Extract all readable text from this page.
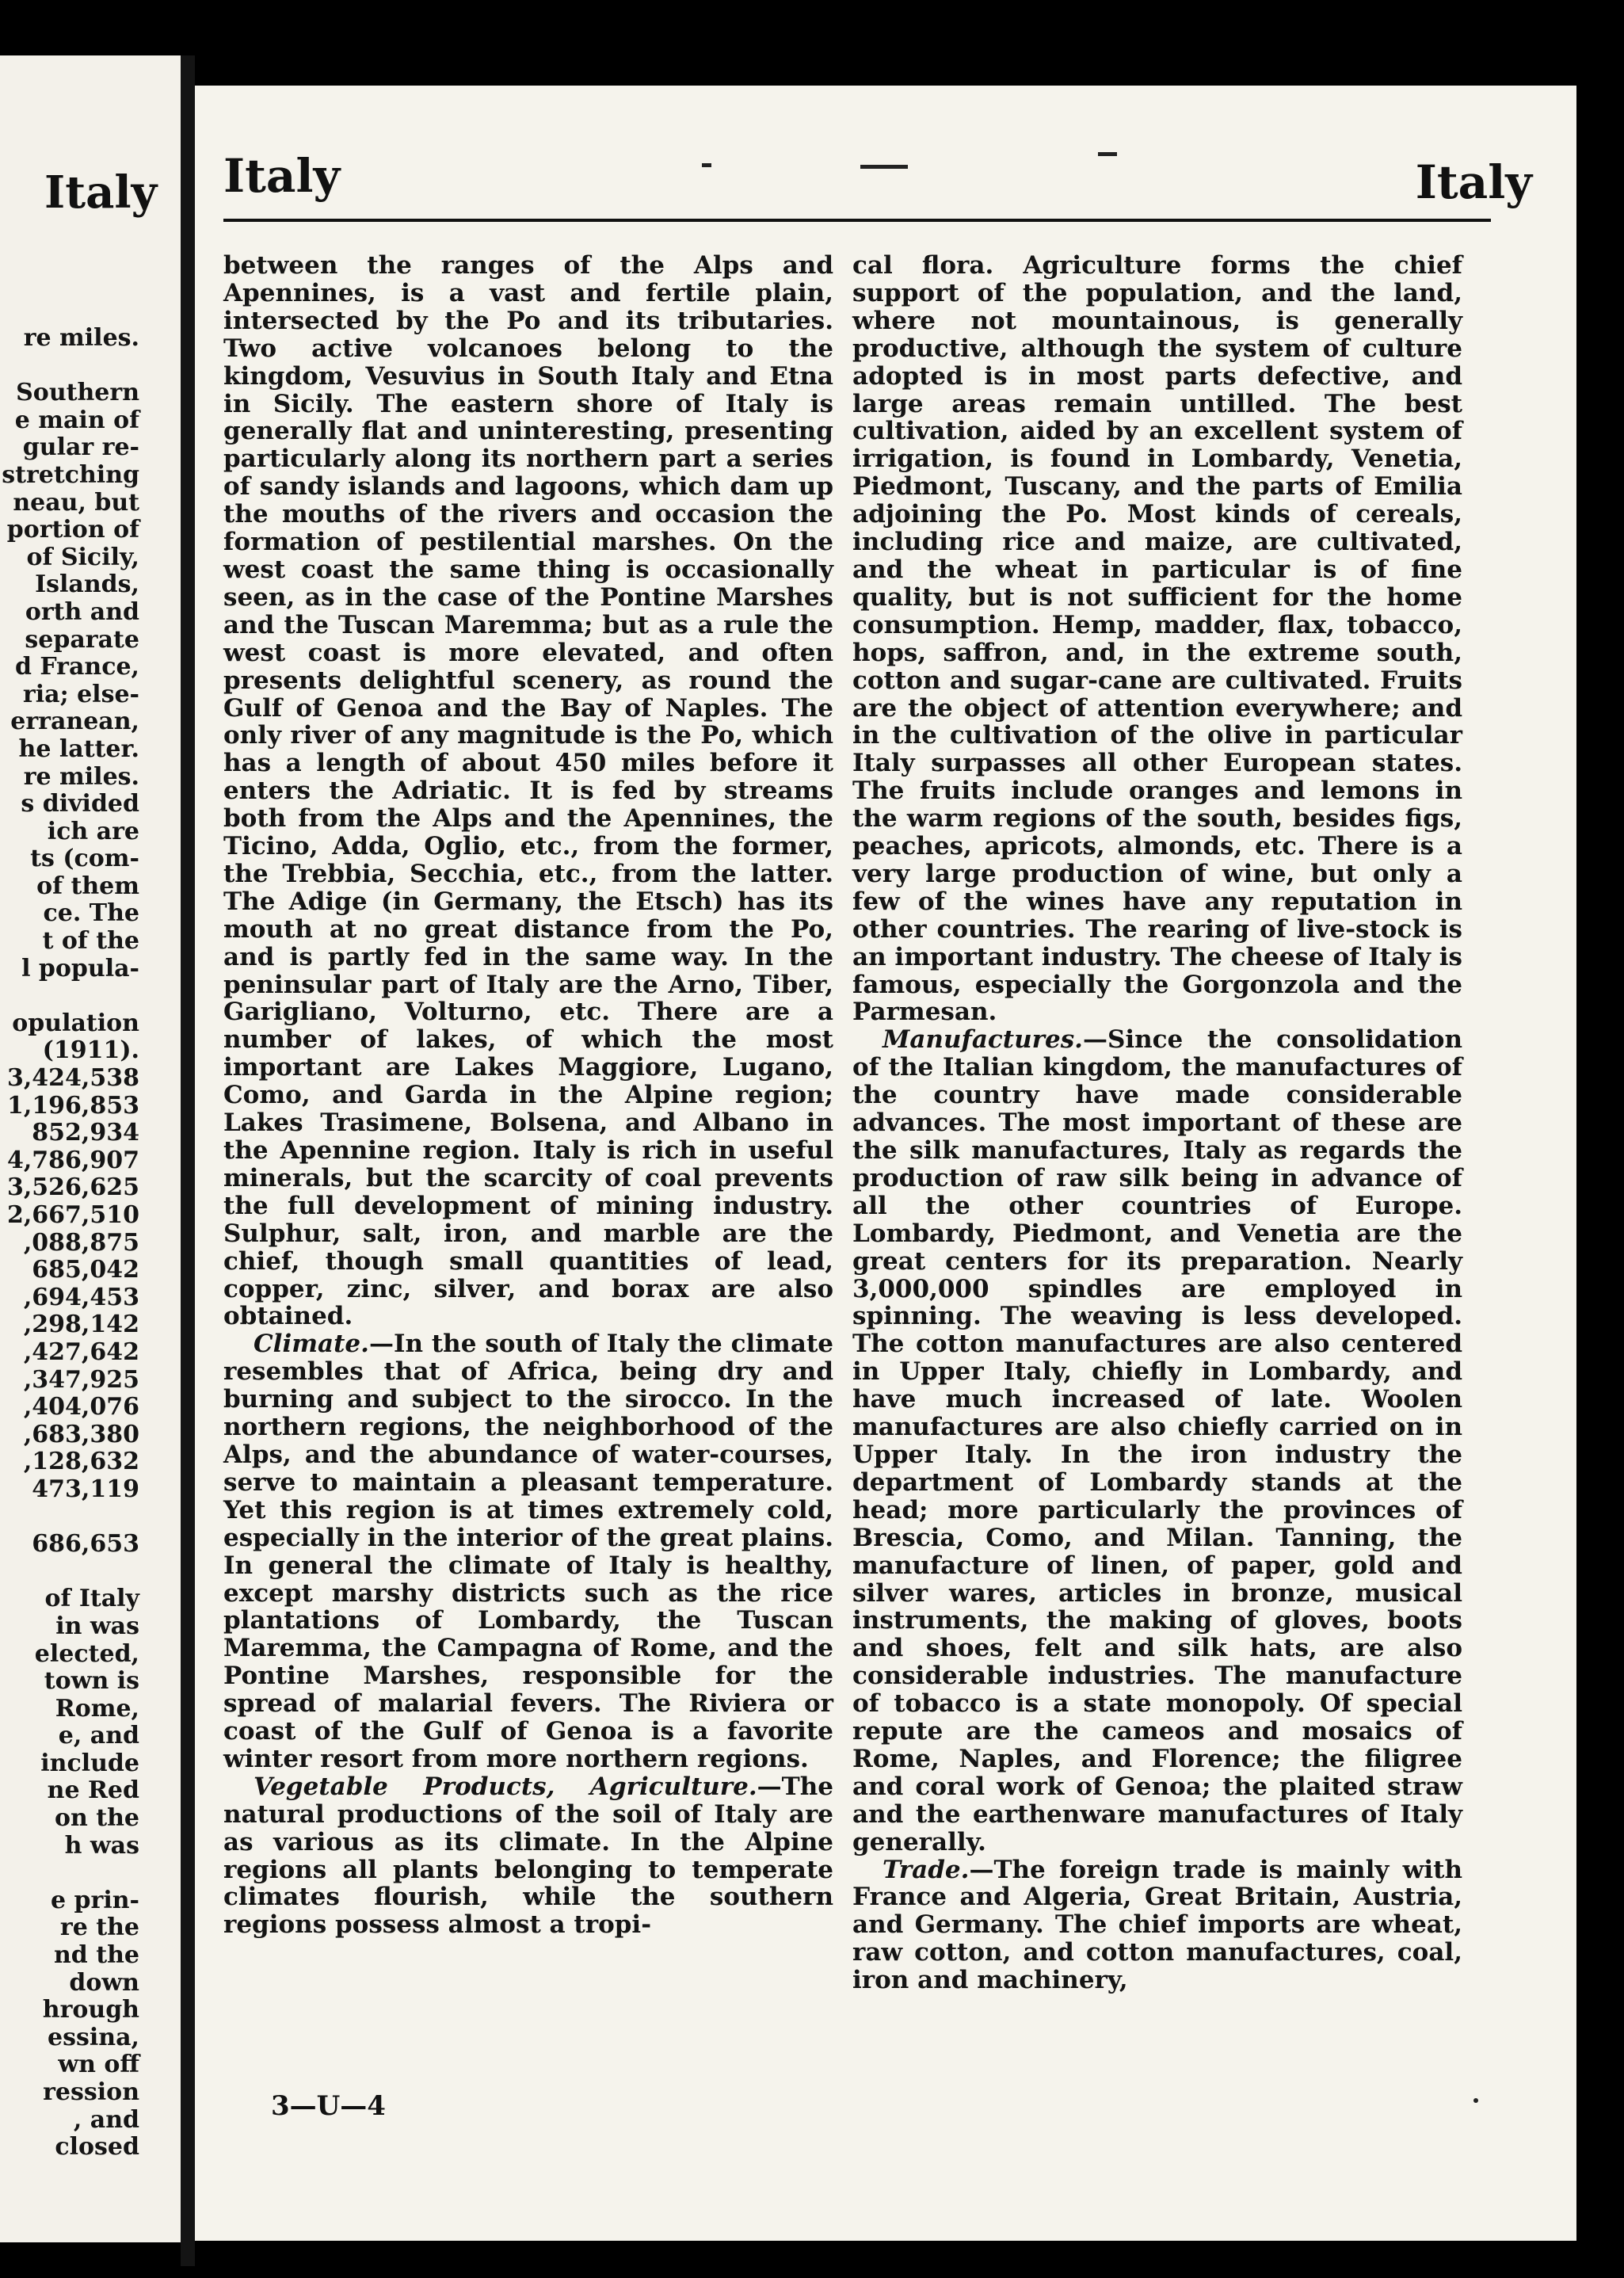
Italy
re miles.
Southern
e main of
gular re-
stretching
neau, but
portion of
of Sicily,
Islands,
orth and
separate
d France,
ria; else-
erranean,
he latter.
re miles.
s divided
ich are
ts (com-
of them
ce. The
t of the
l popula-
opulation
(1911).
3,424,538
1,196,853
852,934
4,786,907
3,526,625
2,667,510
,088,875
685,042
,694,453
,298,142
,427,642
,347,925
,404,076
,683,380
,128,632
473,119
686,653
of Italy
in was
elected,
town is
Rome,
e, and
include
ne Red
on the
h was
e prin-
re the
nd the
down
hrough
essina,
wn off
ression
, and
closed
Italy	Italy

between the ranges of the Alps and Apennines, is a vast and fertile plain, intersected by the Po and its tributaries. Two active volcanoes belong to the kingdom, Vesuvius in South Italy and Etna in Sicily. The eastern shore of Italy is generally flat and uninteresting, presenting particularly along its northern part a series of sandy islands and lagoons, which dam up the mouths of the rivers and occasion the formation of pestilential marshes. On the west coast the same thing is occasionally seen, as in the case of the Pontine Marshes and the Tuscan Maremma; but as a rule the west coast is more elevated, and often presents delightful scenery, as round the Gulf of Genoa and the Bay of Naples. The only river of any magnitude is the Po, which has a length of about 450 miles before it enters the Adriatic. It is fed by streams both from the Alps and the Apennines, the Ticino, Adda, Oglio, etc., from the former, the Trebbia, Secchia, etc., from the latter. The Adige (in Germany, the Etsch) has its mouth at no great distance from the Po, and is partly fed in the same way. In the peninsular part of Italy are the Arno, Tiber, Garigliano, Volturno, etc. There are a number of lakes, of which the most important are Lakes Maggiore, Lugano, Como, and Garda in the Alpine region; Lakes Trasimene, Bolsena, and Albano in the Apennine region. Italy is rich in useful minerals, but the scarcity of coal prevents the full development of mining industry. Sulphur, salt, iron, and marble are the chief, though small quantities of lead, copper, zinc, silver, and borax are also obtained.

Climate.—In the south of Italy the climate resembles that of Africa, being dry and burning and subject to the sirocco. In the northern regions, the neighborhood of the Alps, and the abundance of water-courses, serve to maintain a pleasant temperature. Yet this region is at times extremely cold, especially in the interior of the great plains. In general the climate of Italy is healthy, except marshy districts such as the rice plantations of Lombardy, the Tuscan Maremma, the Campagna of Rome, and the Pontine Marshes, responsible for the spread of malarial fevers. The Riviera or coast of the Gulf of Genoa is a favorite winter resort from more northern regions.

Vegetable Products, Agriculture.—The natural productions of the soil of Italy are as various as its climate. In the Alpine regions all plants belonging to temperate climates flourish, while the southern regions possess almost a tropi-

cal flora. Agriculture forms the chief support of the population, and the land, where not mountainous, is generally productive, although the system of culture adopted is in most parts defective, and large areas remain untilled. The best cultivation, aided by an excellent system of irrigation, is found in Lombardy, Venetia, Piedmont, Tuscany, and the parts of Emilia adjoining the Po. Most kinds of cereals, including rice and maize, are cultivated, and the wheat in particular is of fine quality, but is not sufficient for the home consumption. Hemp, madder, flax, tobacco, hops, saffron, and, in the extreme south, cotton and sugar-cane are cultivated. Fruits are the object of attention everywhere; and in the cultivation of the olive in particular Italy surpasses all other European states. The fruits include oranges and lemons in the warm regions of the south, besides figs, peaches, apricots, almonds, etc. There is a very large production of wine, but only a few of the wines have any reputation in other countries. The rearing of live-stock is an important industry. The cheese of Italy is famous, especially the Gorgonzola and the Parmesan.

Manufactures.—Since the consolidation of the Italian kingdom, the manufactures of the country have made considerable advances. The most important of these are the silk manufactures, Italy as regards the production of raw silk being in advance of all the other countries of Europe. Lombardy, Piedmont, and Venetia are the great centers for its preparation. Nearly 3,000,000 spindles are employed in spinning. The weaving is less developed. The cotton manufactures are also centered in Upper Italy, chiefly in Lombardy, and have much increased of late. Woolen manufactures are also chiefly carried on in Upper Italy. In the iron industry the department of Lombardy stands at the head; more particularly the provinces of Brescia, Como, and Milan. Tanning, the manufacture of linen, of paper, gold and silver wares, articles in bronze, musical instruments, the making of gloves, boots and shoes, felt and silk hats, are also considerable industries. The manufacture of tobacco is a state monopoly. Of special repute are the cameos and mosaics of Rome, Naples, and Florence; the filigree and coral work of Genoa; the plaited straw and the earthenware manufactures of Italy generally.

Trade.—The foreign trade is mainly with France and Algeria, Great Britain, Austria, and Germany. The chief imports are wheat, raw cotton, and cotton manufactures, coal, iron and machinery,

3—U—4
